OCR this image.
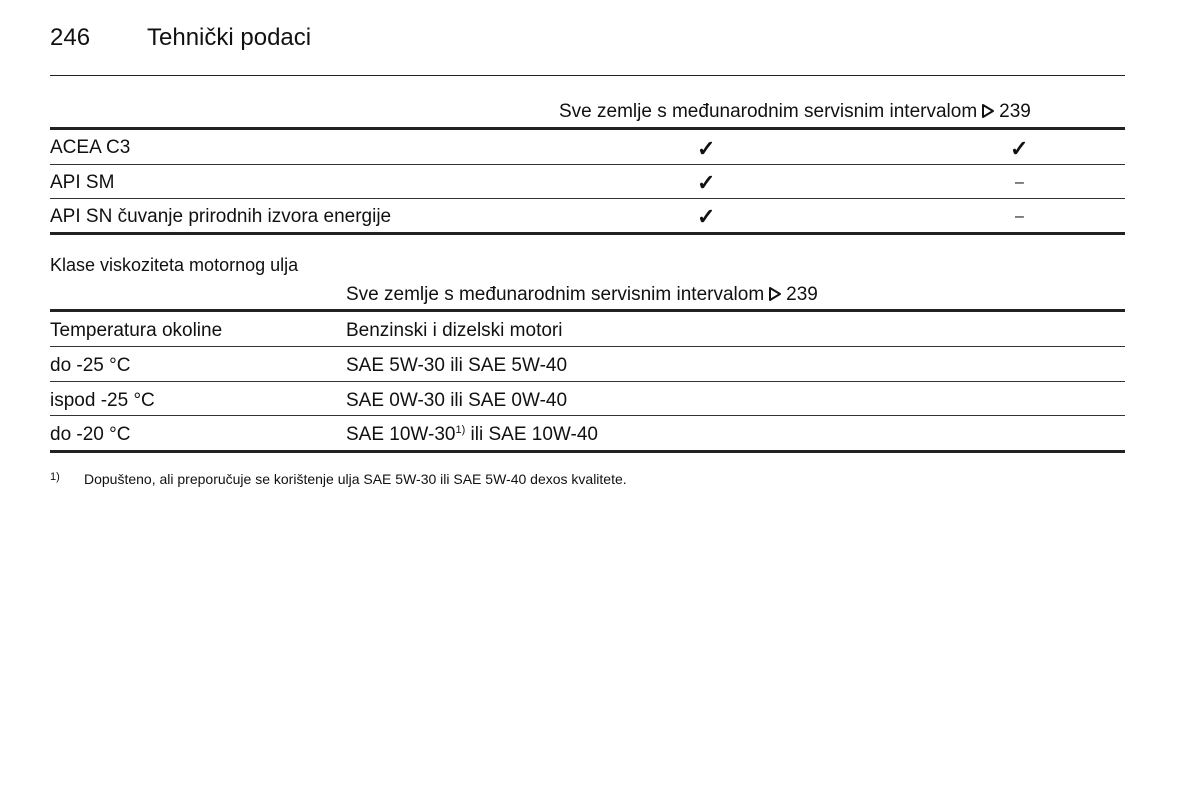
246 Tehnički podaci
Sve zemlje s međunarodnim servisnim intervalom 239
ACEA C3	✓	✓
API SM	✓	–
API SN čuvanje prirodnih izvora energije	✓	–
Klase viskoziteta motornog ulja
Sve zemlje s međunarodnim servisnim intervalom 239
Temperatura okoline	Benzinski i dizelski motori
do -25 °C	SAE 5W-30 ili SAE 5W-40
ispod -25 °C	SAE 0W-30 ili SAE 0W-40
do -20 °C	SAE 10W-30$^{1)}$ ili SAE 10W-40
1) Dopušteno, ali preporučuje se korištenje ulja SAE 5W-30 ili SAE 5W-40 dexos kvalitete.
